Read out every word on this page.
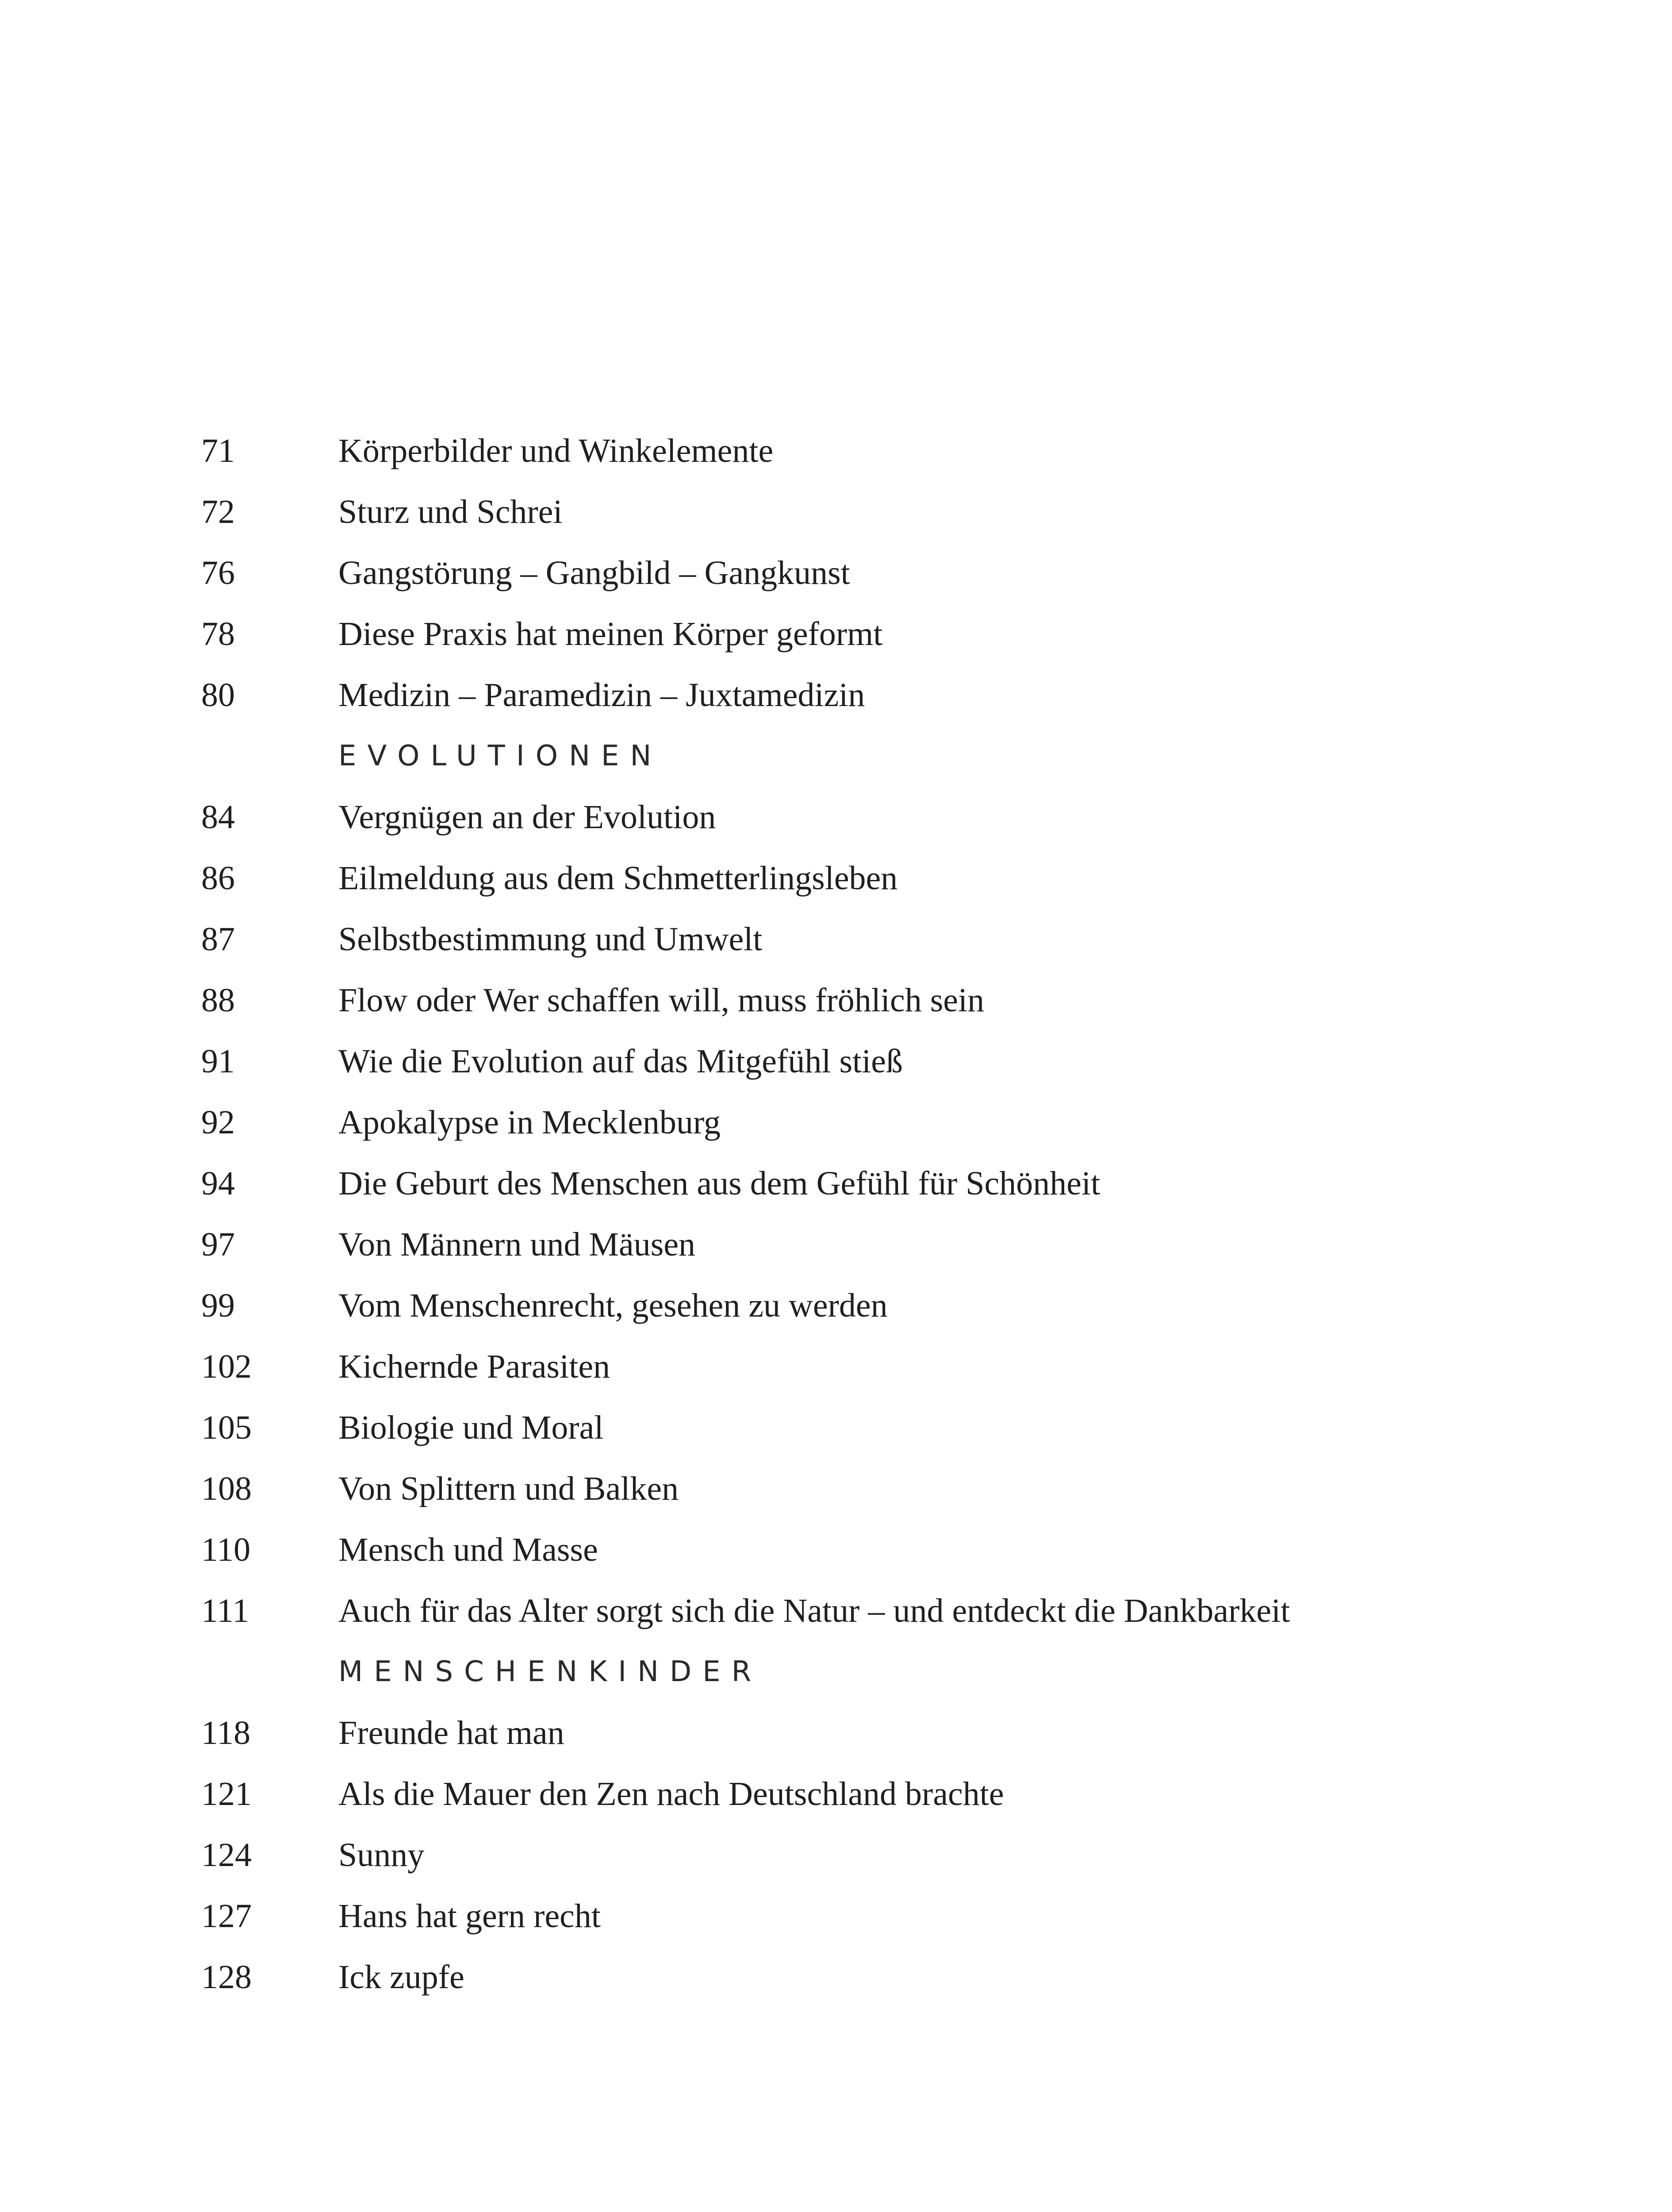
71	Körperbilder und Winkelemente
72	Sturz und Schrei
76	Gangstörung – Gangbild – Gangkunst
78	Diese Praxis hat meinen Körper geformt
80	Medizin – Paramedizin – Juxtamedizin
EVOLUTIONEN
84	Vergnügen an der Evolution
86	Eilmeldung aus dem Schmetterlingsleben
87	Selbstbestimmung und Umwelt
88	Flow oder Wer schaffen will, muss fröhlich sein
91	Wie die Evolution auf das Mitgefühl stieß
92	Apokalypse in Mecklenburg
94	Die Geburt des Menschen aus dem Gefühl für Schönheit
97	Von Männern und Mäusen
99	Vom Menschenrecht, gesehen zu werden
102	Kichernde Parasiten
105	Biologie und Moral
108	Von Splittern und Balken
110	Mensch und Masse
111	Auch für das Alter sorgt sich die Natur – und entdeckt die Dankbarkeit
MENSCHENKINDER
118	Freunde hat man
121	Als die Mauer den Zen nach Deutschland brachte
124	Sunny
127	Hans hat gern recht
128	Ick zupfe
